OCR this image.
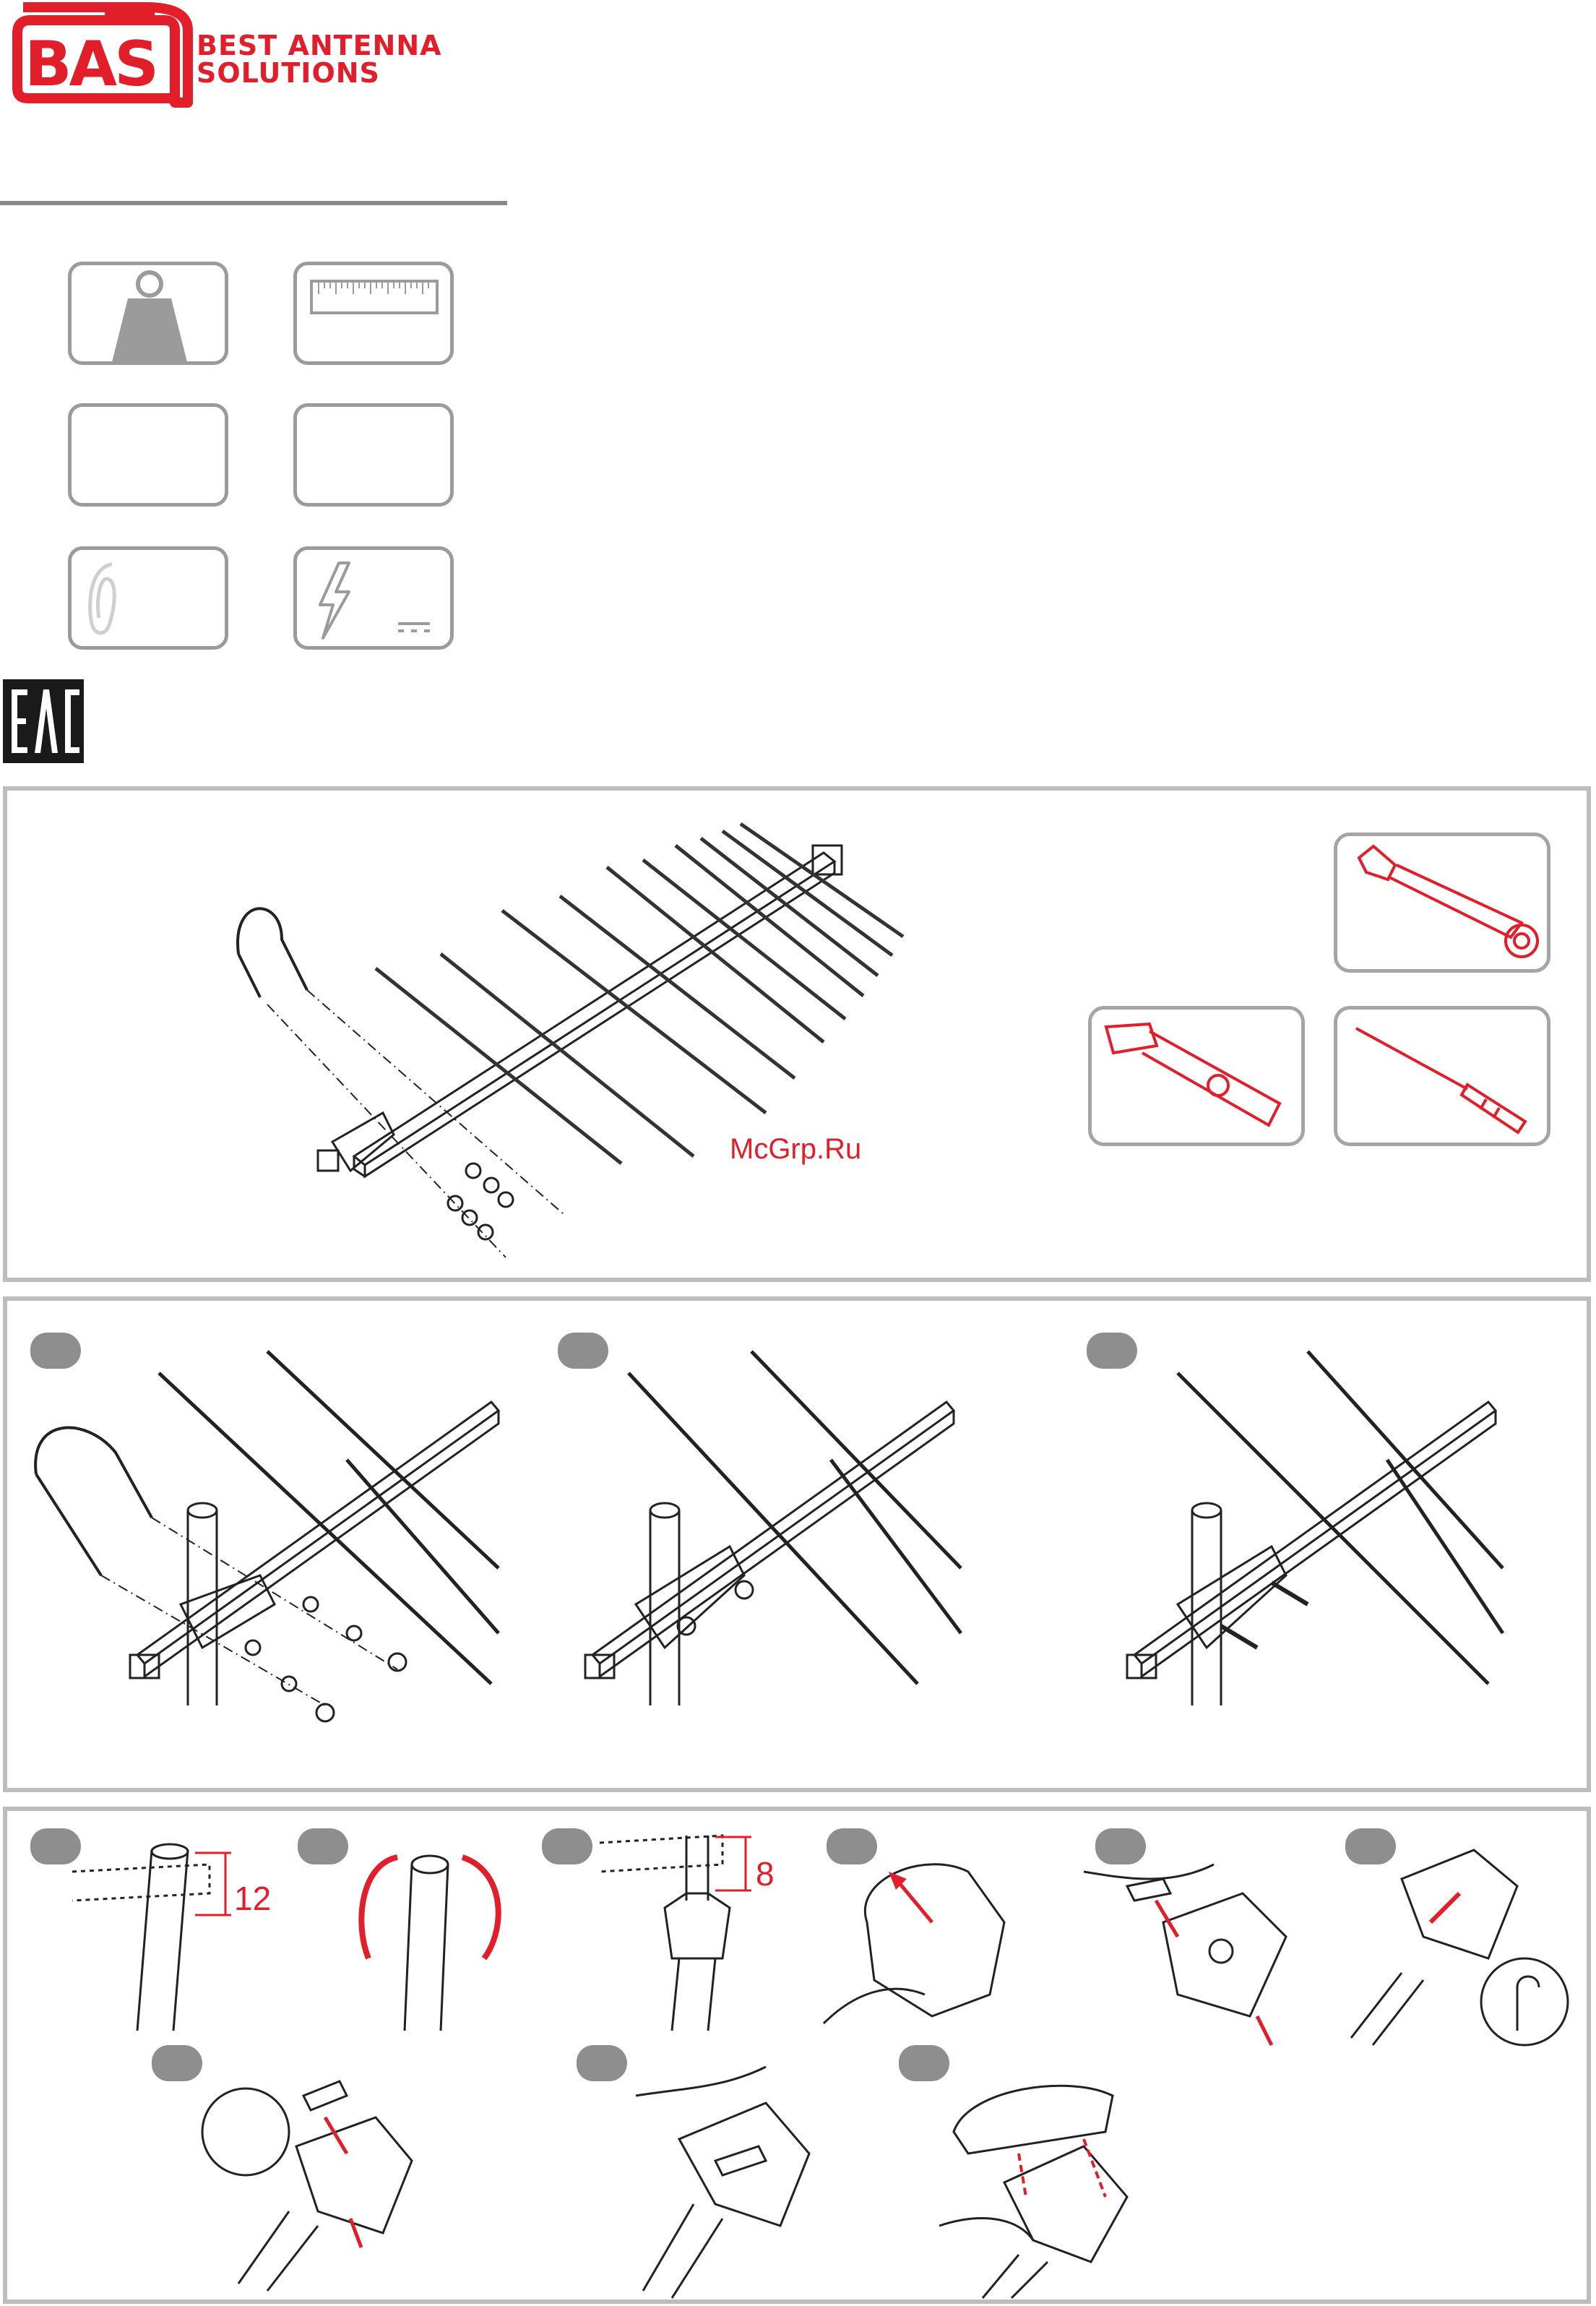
BAS BEST ANTENNA
SOLUTIONS
McGrp.Ru
12
8
